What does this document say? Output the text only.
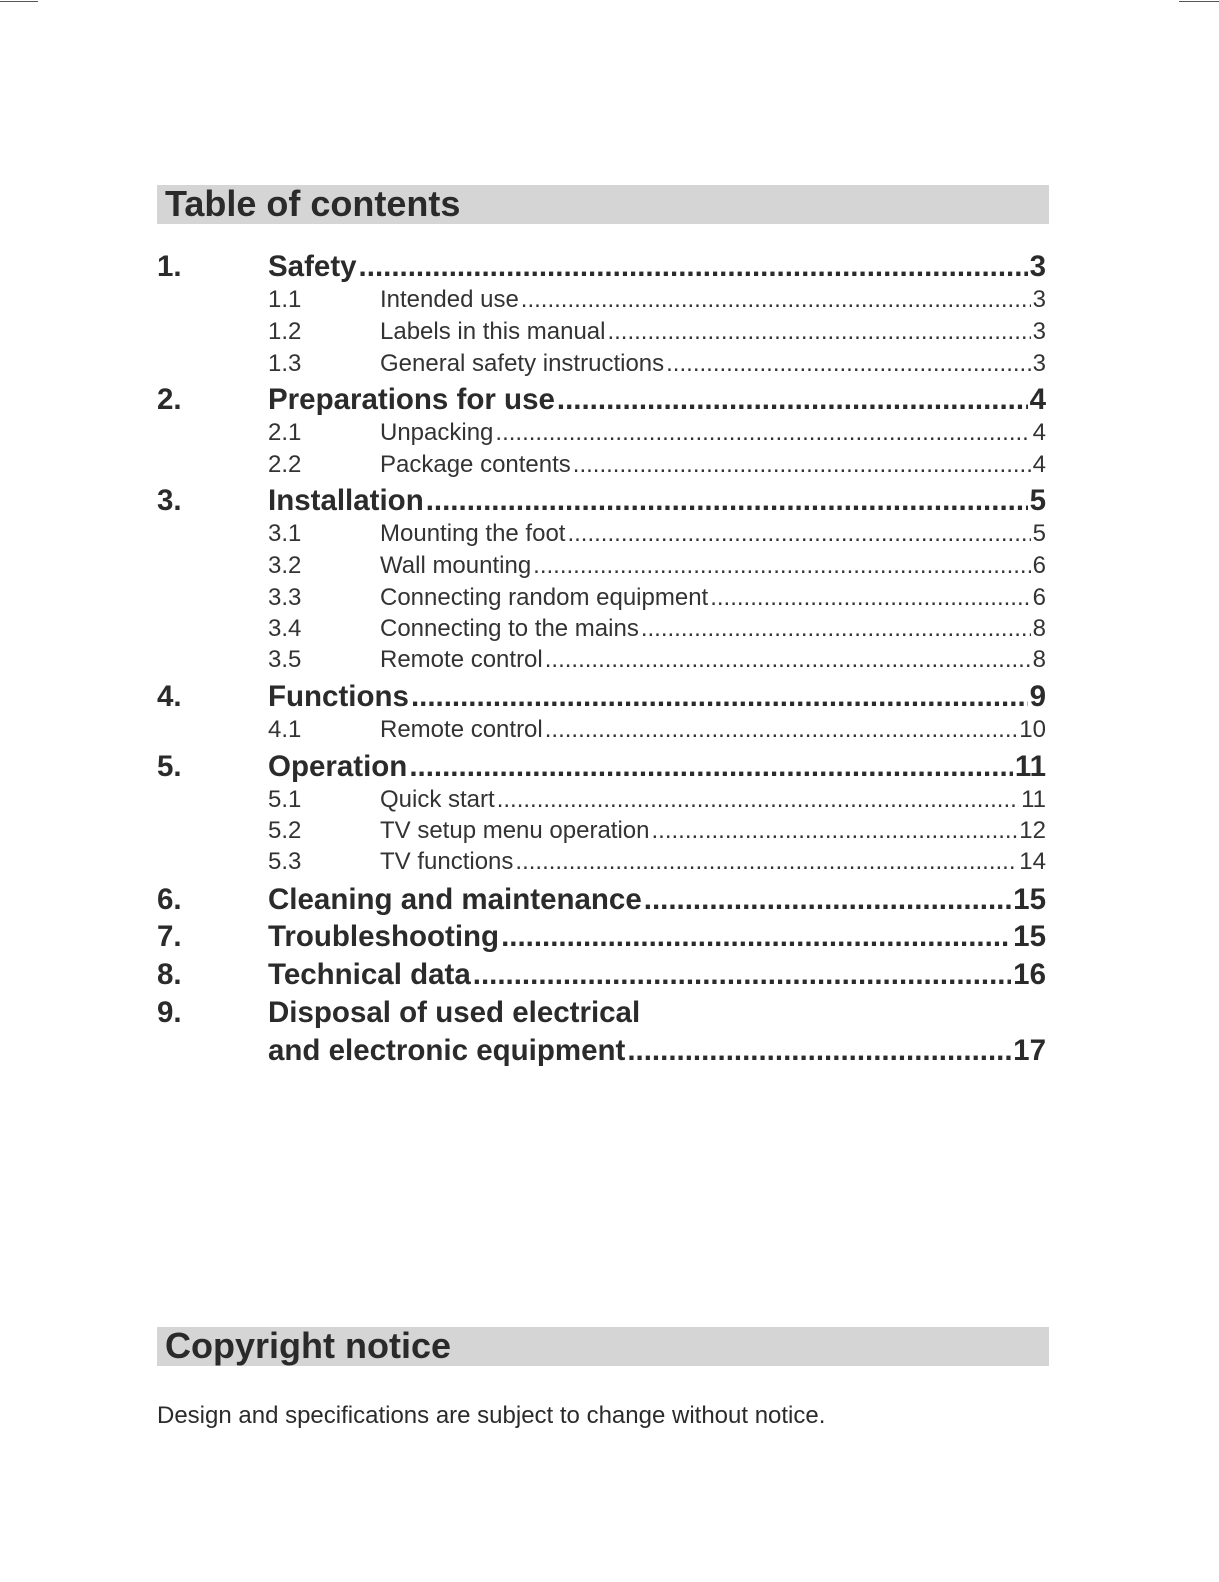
Table of contents
1.	Safety .....	3
1.1	Intended use .....	3
1.2	Labels in this manual .....	3
1.3	General safety instructions .....	3
2.	Preparations for use .....	4
2.1	Unpacking .....	4
2.2	Package contents .....	4
3.	Installation .....	5
3.1	Mounting the foot .....	5
3.2	Wall mounting .....	6
3.3	Connecting random equipment .....	6
3.4	Connecting to the mains .....	8
3.5	Remote control .....	8
4.	Functions .....	9
4.1	Remote control .....	10
5.	Operation .....	11
5.1	Quick start .....	11
5.2	TV setup menu operation .....	12
5.3	TV functions .....	14
6.	Cleaning and maintenance .....	15
7.	Troubleshooting .....	15
8.	Technical data .....	16
9.	Disposal of used electrical
and electronic equipment .....	17
Copyright notice
Design and specifications are subject to change without notice.
